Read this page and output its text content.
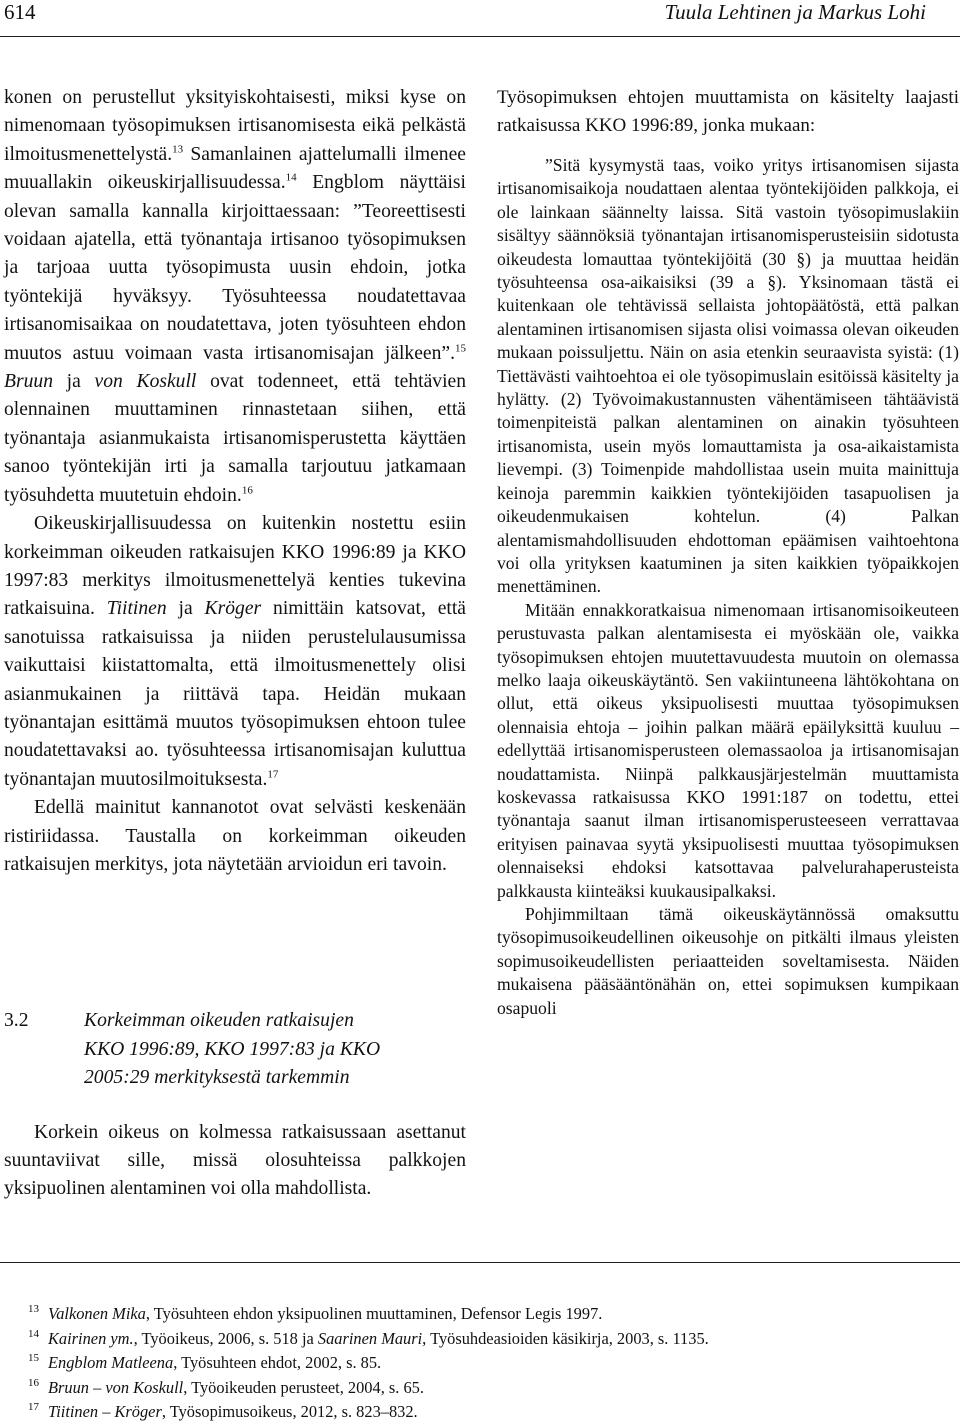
614	Tuula Lehtinen ja Markus Lohi

konen on perustellut yksityiskohtaisesti, miksi kyse on nimenomaan työsopimuksen irtisanomisesta eikä pelkästä ilmoitusmenettelystä.$^{13}$ Samanlainen ajattelumalli ilmenee muuallakin oikeuskirjallisuudessa.$^{14}$ Engblom näyttäisi olevan samalla kannalla kirjoittaessaan: ”Teoreettisesti voidaan ajatella, että työnantaja irtisanoo työsopimuksen ja tarjoaa uutta työsopimusta uusin ehdoin, jotka työntekijä hyväksyy. Työsuhteessa noudatettavaa irtisanomisaikaa on noudatettava, joten työsuhteen ehdon muutos astuu voimaan vasta irtisanomisajan jälkeen”.$^{15}$ Bruun ja von Koskull ovat todenneet, että tehtävien olennainen muuttaminen rinnastetaan siihen, että työnantaja asianmukaista irtisanomisperustetta käyttäen sanoo työntekijän irti ja samalla tarjoutuu jatkamaan työsuhdetta muutetuin ehdoin.$^{16}$

Oikeuskirjallisuudessa on kuitenkin nostettu esiin korkeimman oikeuden ratkaisujen KKO 1996:89 ja KKO 1997:83 merkitys ilmoitusmenettelyä kenties tukevina ratkaisuina. Tiitinen ja Kröger nimittäin katsovat, että sanotuissa ratkaisuissa ja niiden perustelulausumissa vaikuttaisi kiistattomalta, että ilmoitusmenettely olisi asianmukainen ja riittävä tapa. Heidän mukaan työnantajan esittämä muutos työsopimuksen ehtoon tulee noudatettavaksi ao. työsuhteessa irtisanomisajan kuluttua työnantajan muutosilmoituksesta.$^{17}$

Edellä mainitut kannanotot ovat selvästi keskenään ristiriidassa. Taustalla on korkeimman oikeuden ratkaisujen merkitys, jota näytetään arvioidun eri tavoin.

3.2	Korkeimman oikeuden ratkaisujen
KKO 1996:89, KKO 1997:83 ja KKO
2005:29 merkityksestä tarkemmin

Korkein oikeus on kolmessa ratkaisussaan asettanut suuntaviivat sille, missä olosuhteissa palkkojen yksipuolinen alentaminen voi olla mahdollista.

Työsopimuksen ehtojen muuttamista on käsitelty laajasti ratkaisussa KKO 1996:89, jonka mukaan:

”Sitä kysymystä taas, voiko yritys irtisanomisen sijasta irtisanomisaikoja noudattaen alentaa työntekijöiden palkkoja, ei ole lainkaan säännelty laissa. Sitä vastoin työsopimuslakiin sisältyy säännöksiä työnantajan irtisanomisperusteisiin sidotusta oikeudesta lomauttaa työntekijöitä (30 §) ja muuttaa heidän työsuhteensa osa-aikaisiksi (39 a §). Yksinomaan tästä ei kuitenkaan ole tehtävissä sellaista johtopäätöstä, että palkan alentaminen irtisanomisen sijasta olisi voimassa olevan oikeuden mukaan poissuljettu. Näin on asia etenkin seuraavista syistä: (1) Tiettävästi vaihtoehtoa ei ole työsopimuslain esitöissä käsitelty ja hylätty. (2) Työvoimakustannusten vähentämiseen tähtäävistä toimenpiteistä palkan alentaminen on ainakin työsuhteen irtisanomista, usein myös lomauttamista ja osa-aikaistamista lievempi. (3) Toimenpide mahdollistaa usein muita mainittuja keinoja paremmin kaikkien työntekijöiden tasapuolisen ja oikeudenmukaisen kohtelun. (4) Palkan alentamismahdollisuuden ehdottoman epäämisen vaihtoehtona voi olla yrityksen kaatuminen ja siten kaikkien työpaikkojen menettäminen.

Mitään ennakkoratkaisua nimenomaan irtisanomisoikeuteen perustuvasta palkan alentamisesta ei myöskään ole, vaikka työsopimuksen ehtojen muutettavuudesta muutoin on olemassa melko laaja oikeuskäytäntö. Sen vakiintuneena lähtökohtana on ollut, että oikeus yksipuolisesti muuttaa työsopimuksen olennaisia ehtoja – joihin palkan määrä epäilyksittä kuuluu – edellyttää irtisanomisperusteen olemassaoloa ja irtisanomisajan noudattamista. Niinpä palkkausjärjestelmän muuttamista koskevassa ratkaisussa KKO 1991:187 on todettu, ettei työnantaja saanut ilman irtisanomisperusteeseen verrattavaa erityisen painavaa syytä yksipuolisesti muuttaa työsopimuksen olennaiseksi ehdoksi katsottavaa palvelurahaperusteista palkkausta kiinteäksi kuukausipalkaksi.

Pohjimmiltaan tämä oikeuskäytännössä omaksuttu työsopimusoikeudellinen oikeusohje on pitkälti ilmaus yleisten sopimusoikeudellisten periaatteiden soveltamisesta. Näiden mukaisena pääsääntönähän on, ettei sopimuksen kumpikaan osapuoli

13 Valkonen Mika, Työsuhteen ehdon yksipuolinen muuttaminen, Defensor Legis 1997.
14 Kairinen ym., Työoikeus, 2006, s. 518 ja Saarinen Mauri, Työsuhdeasioiden käsikirja, 2003, s. 1135.
15 Engblom Matleena, Työsuhteen ehdot, 2002, s. 85.
16 Bruun – von Koskull, Työoikeuden perusteet, 2004, s. 65.
17 Tiitinen – Kröger, Työsopimusoikeus, 2012, s. 823–832.
